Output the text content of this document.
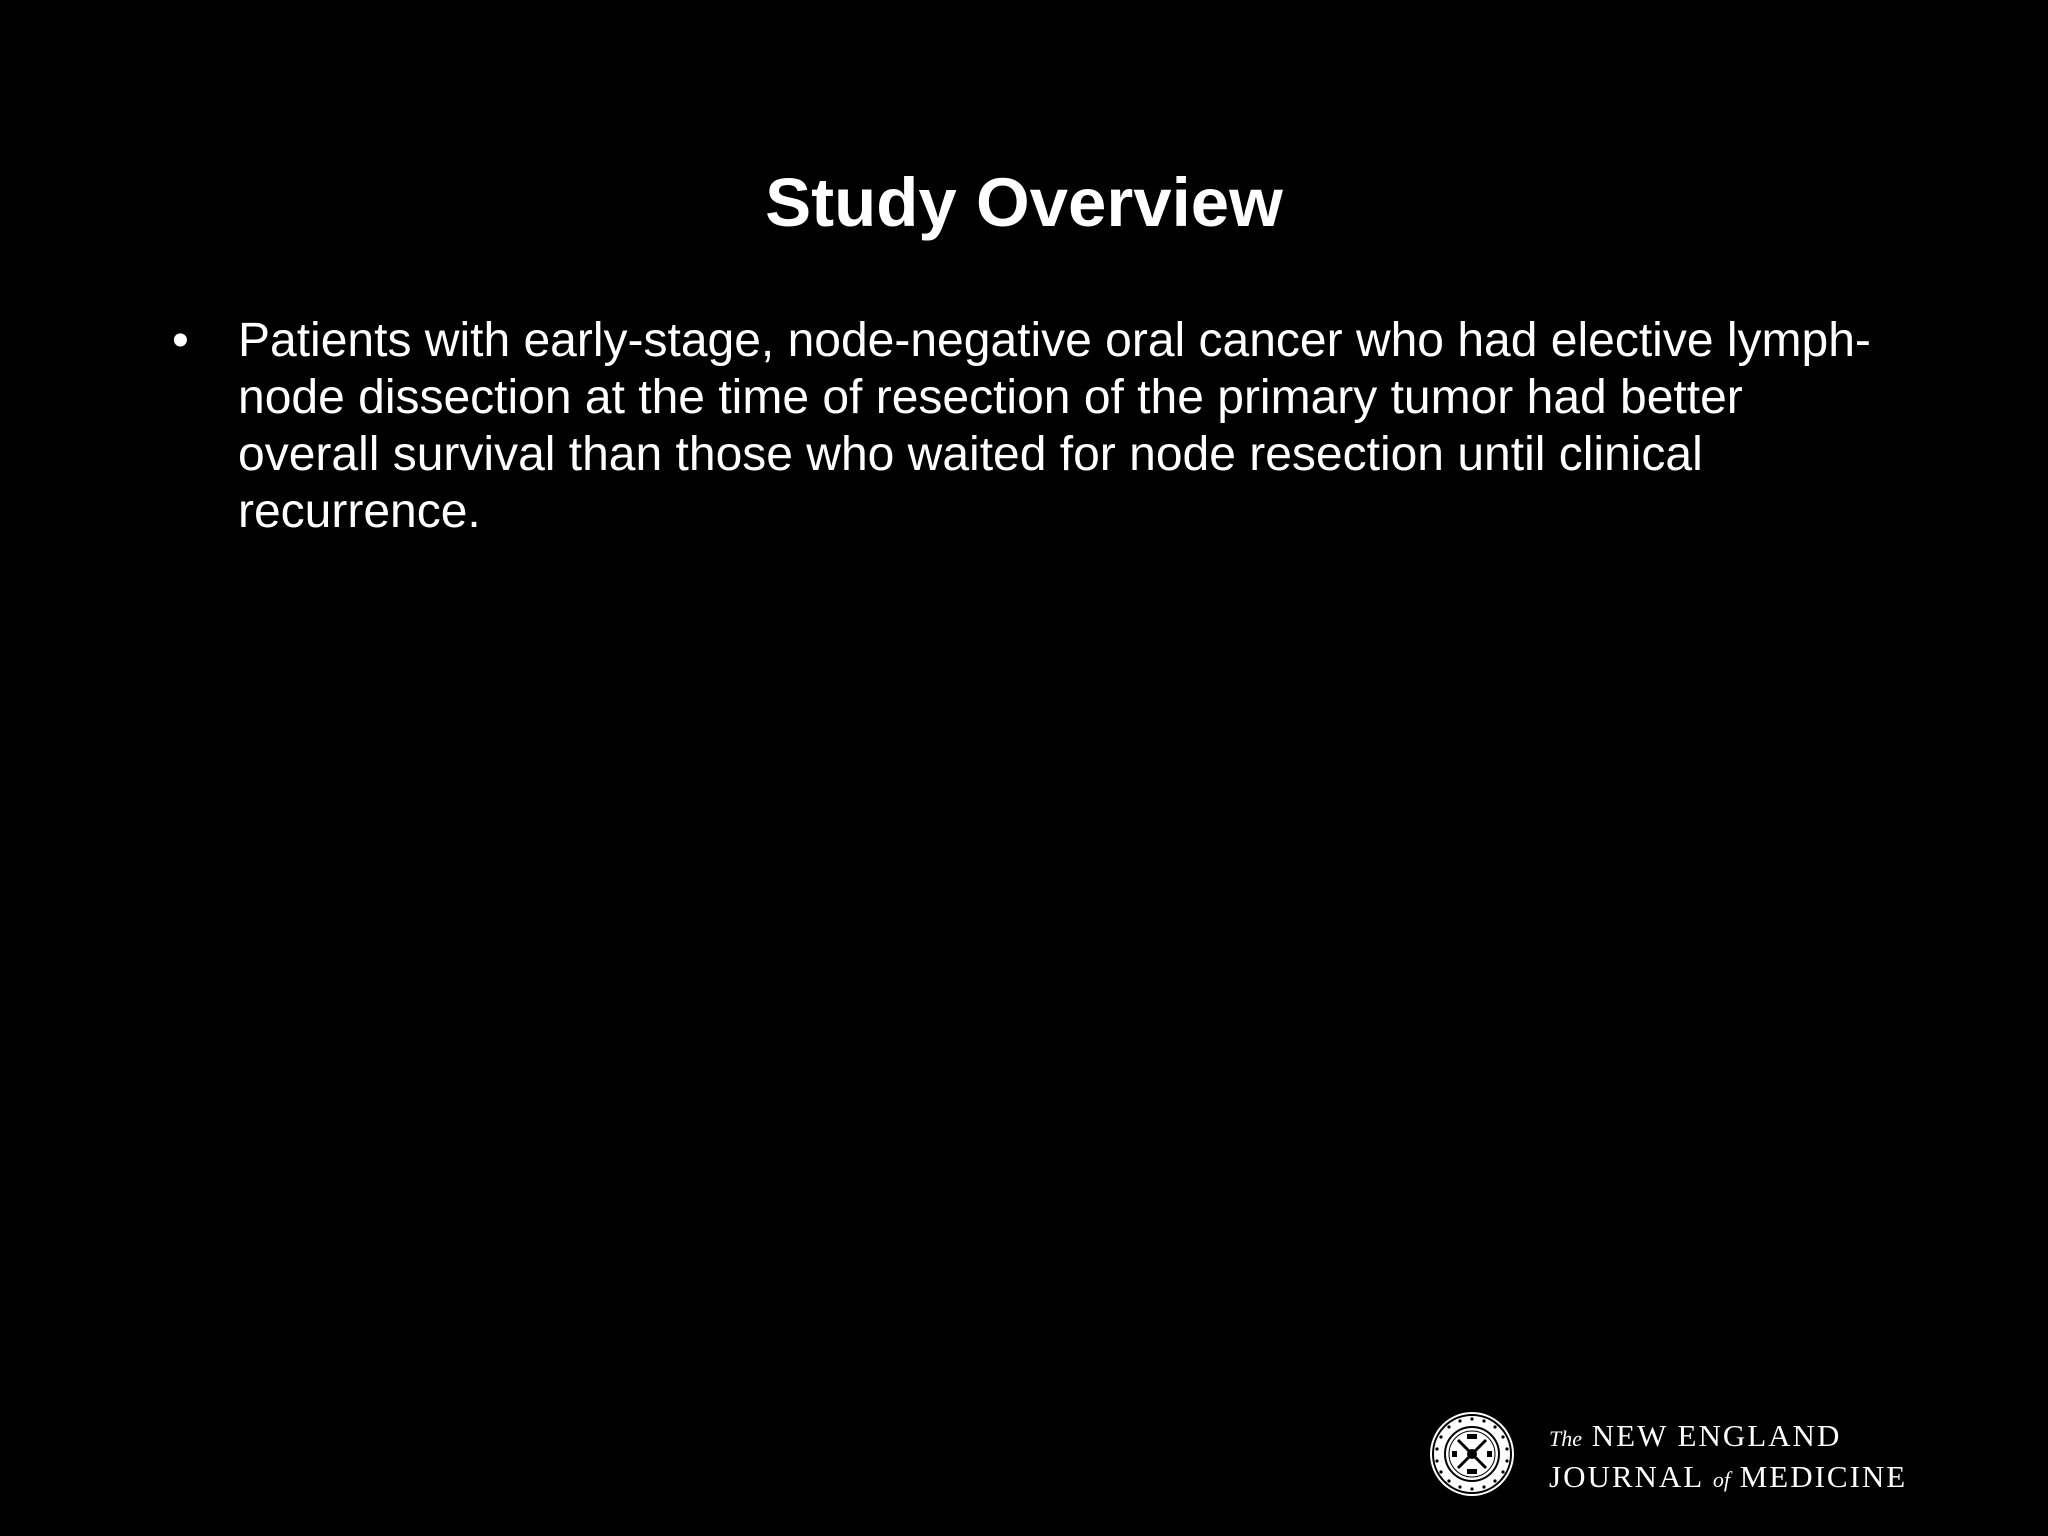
Study Overview
• Patients with early-stage, node-negative oral cancer who had elective lymph-node dissection at the time of resection of the primary tumor had better overall survival than those who waited for node resection until clinical recurrence.
The NEW ENGLAND
JOURNAL of MEDICINE
